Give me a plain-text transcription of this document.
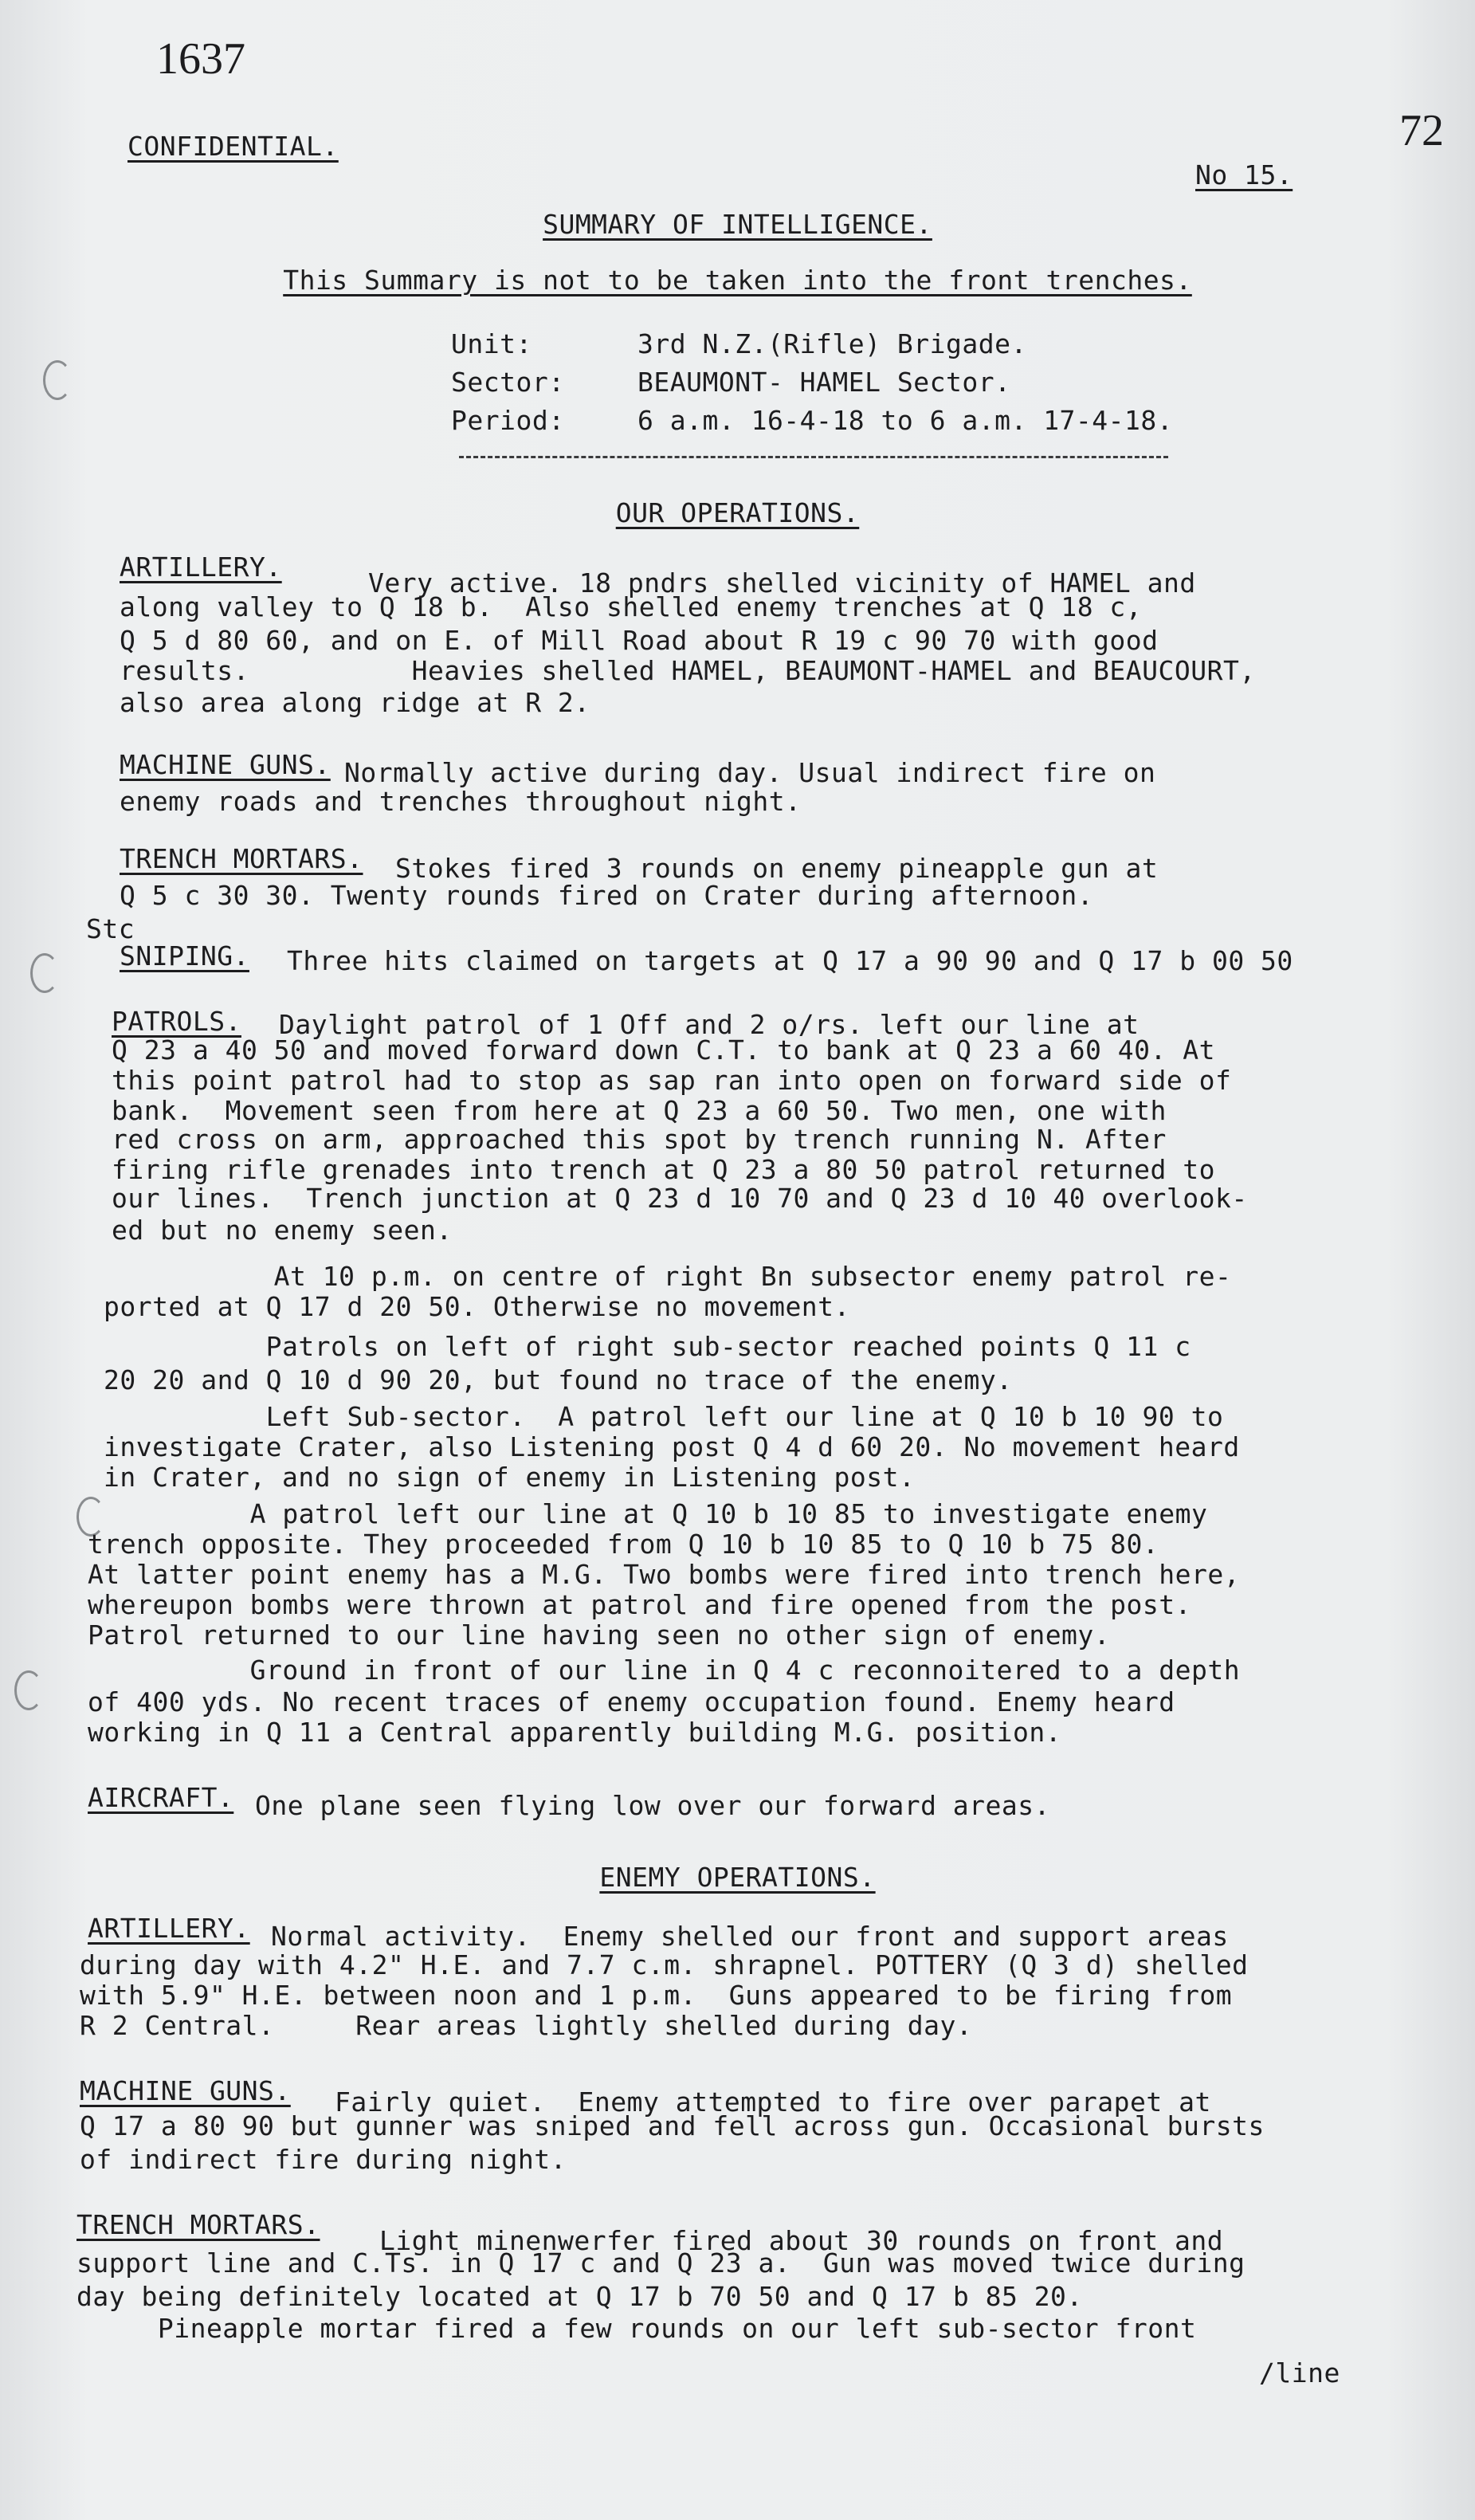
1637
72
CONFIDENTIAL.
No 15.
SUMMARY OF INTELLIGENCE.
This Summary is not to be taken into the front trenches.
Unit:	3rd N.Z.(Rifle) Brigade.
Sector:	BEAUMONT- HAMEL Sector.
Period:	6 a.m. 16-4-18 to 6 a.m. 17-4-18.
OUR OPERATIONS.
ARTILLERY.
Very active. 18 pndrs shelled vicinity of HAMEL and
along valley to Q 18 b.  Also shelled enemy trenches at Q 18 c,
Q 5 d 80 60, and on E. of Mill Road about R 19 c 90 70 with good
results.          Heavies shelled HAMEL, BEAUMONT-HAMEL and BEAUCOURT,
also area along ridge at R 2.
MACHINE GUNS. Normally active during day. Usual indirect fire on
enemy roads and trenches throughout night.
TRENCH MORTARS. Stokes fired 3 rounds on enemy pineapple gun at
Q 5 c 30 30. Twenty rounds fired on Crater during afternoon.
Stc
SNIPING. Three hits claimed on targets at Q 17 a 90 90 and Q 17 b 00 50
PATROLS. Daylight patrol of 1 Off and 2 o/rs. left our line at
Q 23 a 40 50 and moved forward down C.T. to bank at Q 23 a 60 40. At
this point patrol had to stop as sap ran into open on forward side of
bank.  Movement seen from here at Q 23 a 60 50. Two men, one with
red cross on arm, approached this spot by trench running N. After
firing rifle grenades into trench at Q 23 a 80 50 patrol returned to
our lines.  Trench junction at Q 23 d 10 70 and Q 23 d 10 40 overlook-
ed but no enemy seen.
At 10 p.m. on centre of right Bn subsector enemy patrol re-
ported at Q 17 d 20 50. Otherwise no movement.
Patrols on left of right sub-sector reached points Q 11 c
20 20 and Q 10 d 90 20, but found no trace of the enemy.
Left Sub-sector.  A patrol left our line at Q 10 b 10 90 to
investigate Crater, also Listening post Q 4 d 60 20. No movement heard
in Crater, and no sign of enemy in Listening post.
A patrol left our line at Q 10 b 10 85 to investigate enemy
trench opposite. They proceeded from Q 10 b 10 85 to Q 10 b 75 80.
At latter point enemy has a M.G. Two bombs were fired into trench here,
whereupon bombs were thrown at patrol and fire opened from the post.
Patrol returned to our line having seen no other sign of enemy.
Ground in front of our line in Q 4 c reconnoitered to a depth
of 400 yds. No recent traces of enemy occupation found. Enemy heard
working in Q 11 a Central apparently building M.G. position.
AIRCRAFT. One plane seen flying low over our forward areas.
ENEMY OPERATIONS.
ARTILLERY. Normal activity.  Enemy shelled our front and support areas
during day with 4.2" H.E. and 7.7 c.m. shrapnel. POTTERY (Q 3 d) shelled
with 5.9" H.E. between noon and 1 p.m.  Guns appeared to be firing from
R 2 Central.     Rear areas lightly shelled during day.
MACHINE GUNS. Fairly quiet.  Enemy attempted to fire over parapet at
Q 17 a 80 90 but gunner was sniped and fell across gun. Occasional bursts
of indirect fire during night.
TRENCH MORTARS.
Light minenwerfer fired about 30 rounds on front and
support line and C.Ts. in Q 17 c and Q 23 a.  Gun was moved twice during
day being definitely located at Q 17 b 70 50 and Q 17 b 85 20.
Pineapple mortar fired a few rounds on our left sub-sector front
/line
